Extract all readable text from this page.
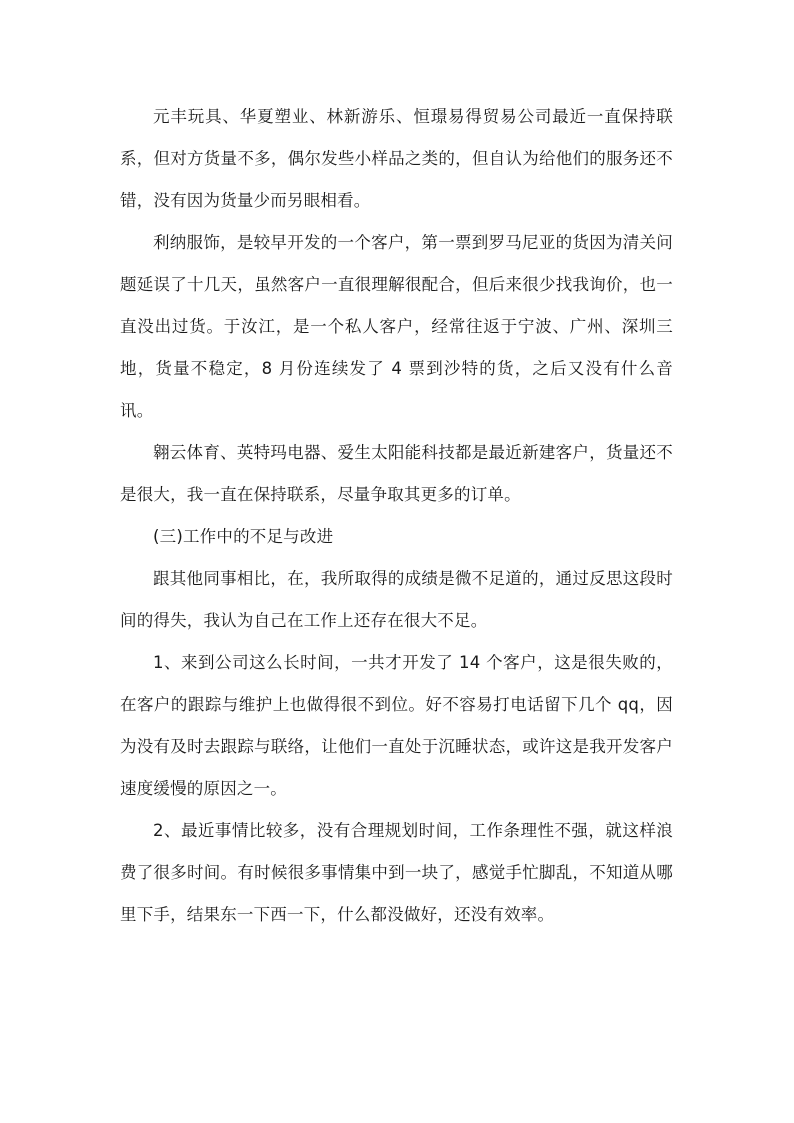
元丰玩具、华夏塑业、林新游乐、恒璟易得贸易公司最近一直保持联系，但对方货量不多，偶尔发些小样品之类的，但自认为给他们的服务还不错，没有因为货量少而另眼相看。

利纳服饰，是较早开发的一个客户，第一票到罗马尼亚的货因为清关问题延误了十几天，虽然客户一直很理解很配合，但后来很少找我询价，也一直没出过货。于汝江，是一个私人客户，经常往返于宁波、广州、深圳三地，货量不稳定，8 月份连续发了 4 票到沙特的货，之后又没有什么音讯。

翱云体育、英特玛电器、爱生太阳能科技都是最近新建客户，货量还不是很大，我一直在保持联系，尽量争取其更多的订单。

(三)工作中的不足与改进

跟其他同事相比，在，我所取得的成绩是微不足道的，通过反思这段时间的得失，我认为自己在工作上还存在很大不足。

1、来到公司这么长时间，一共才开发了 14 个客户，这是很失败的，在客户的跟踪与维护上也做得很不到位。好不容易打电话留下几个 qq，因为没有及时去跟踪与联络，让他们一直处于沉睡状态，或许这是我开发客户速度缓慢的原因之一。

2、最近事情比较多，没有合理规划时间，工作条理性不强，就这样浪费了很多时间。有时候很多事情集中到一块了，感觉手忙脚乱，不知道从哪里下手，结果东一下西一下，什么都没做好，还没有效率。
